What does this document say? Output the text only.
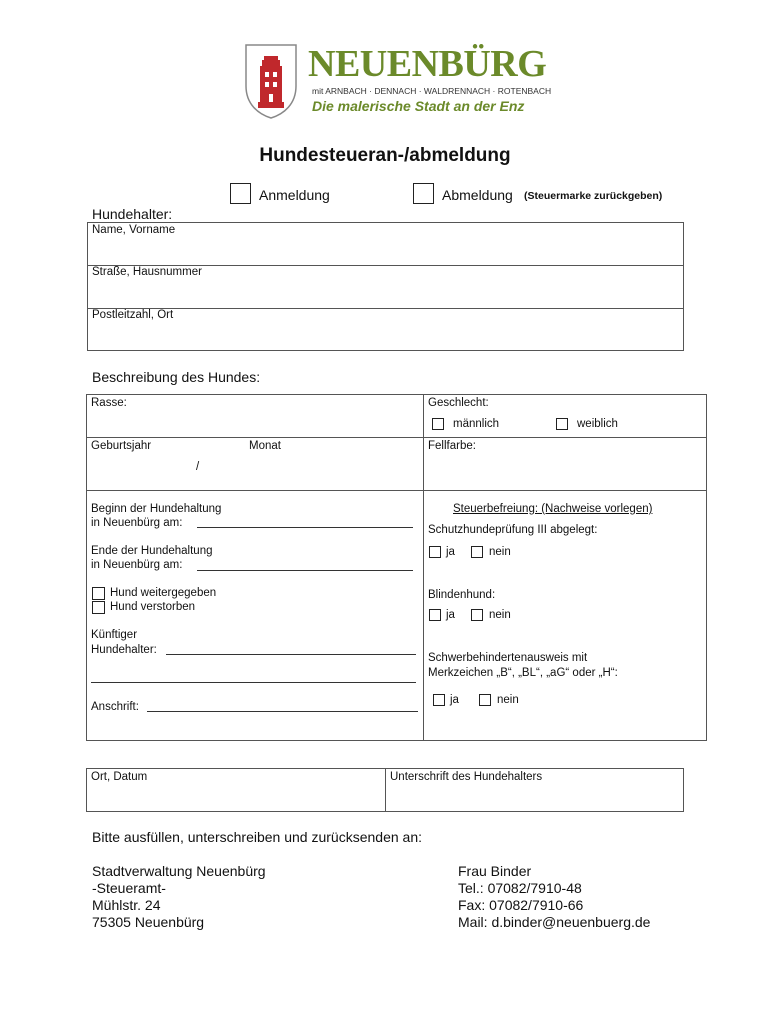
NEUENBÜRG
mit ARNBACH · DENNACH · WALDRENNACH · ROTENBACH
Die malerische Stadt an der Enz
Hundesteueran-/abmeldung
Anmeldung	Abmeldung (Steuermarke zurückgeben)
Hundehalter:
Name, Vorname
Straße, Hausnummer
Postleitzahl, Ort
Beschreibung des Hundes:
Rasse:	Geschlecht:
männlich	weiblich
Geburtsjahr	Monat
/
Fellfarbe:
Beginn der Hundehaltung
in Neuenbürg am:
Ende der Hundehaltung
in Neuenbürg am:
Hund weitergegeben
Hund verstorben
Künftiger
Hundehalter:
Anschrift:
Steuerbefreiung: (Nachweise vorlegen)
Schutzhundeprüfung III abgelegt:
ja	nein
Blindenhund:
ja	nein
Schwerbehindertenausweis mit
Merkzeichen „B“, „BL“, „aG“ oder „H“:
ja	nein
Ort, Datum	Unterschrift des Hundehalters
Bitte ausfüllen, unterschreiben und zurücksenden an:
Stadtverwaltung Neuenbürg
-Steueramt-
Mühlstr. 24
75305 Neuenbürg
Frau Binder
Tel.: 07082/7910-48
Fax: 07082/7910-66
Mail: d.binder@neuenbuerg.de
